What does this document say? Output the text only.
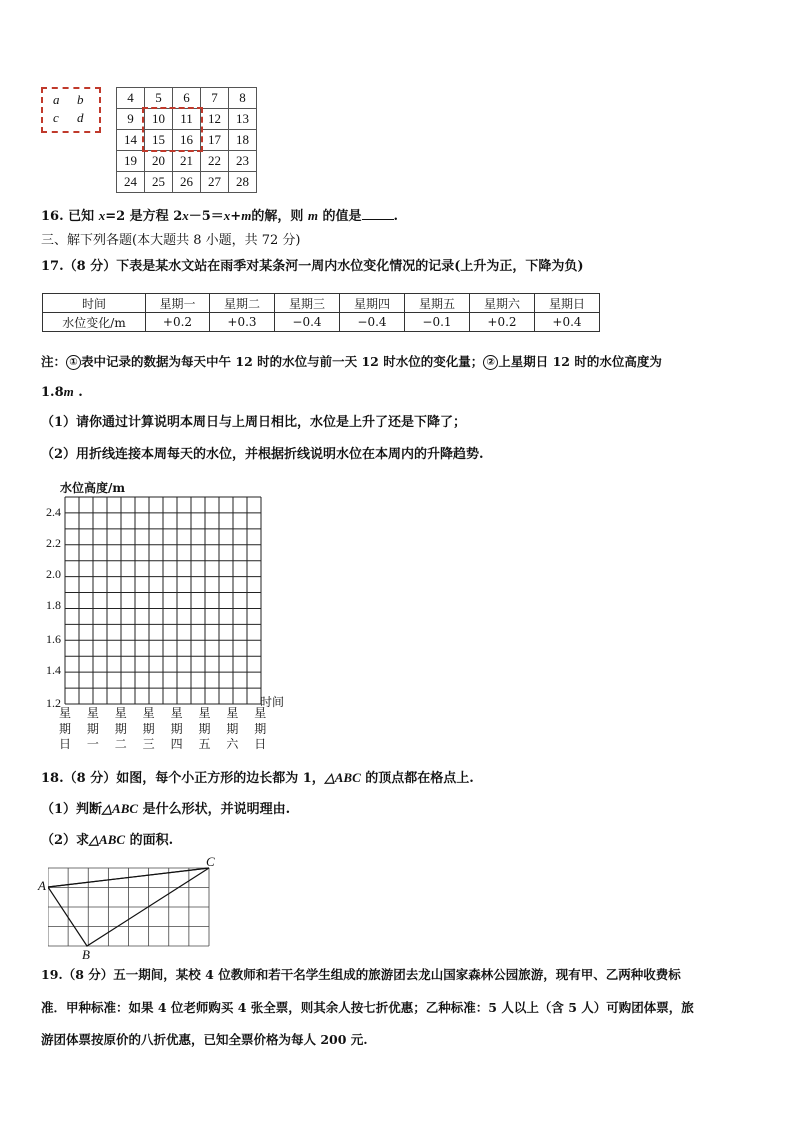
a b
c d
4	5	6	7	8
9	10	11	12	13
14	15	16	17	18
19	20	21	22	23
24	25	26	27	28
16. 已知 x=2 是方程 2x－5＝x+m的解，则 m 的值是 .
三、解下列各题(本大题共 8 小题，共 72 分)
17.（8 分）下表是某水文站在雨季对某条河一周内水位变化情况的记录(上升为正，下降为负)
时间	星期一	星期二	星期三	星期四	星期五	星期六	星期日
水位变化/m	+0.2	+0.3	−0.4	−0.4	−0.1	+0.2	+0.4
注： ① 表中记录的数据为每天中午 12 时的水位与前一天 12 时水位的变化量； ② 上星期日 12 时的水位高度为
1.8m .
（1）请你通过计算说明本周日与上周日相比，水位是上升了还是下降了；
（2）用折线连接本周每天的水位，并根据折线说明水位在本周内的升降趋势.
水位高度/m
2.4
2.2
2.0
1.8
1.6
1.4
1.2	时间
星
期
日
星
期
一
星
期
二
星
期
三
星
期
四
星
期
五
星
期
六
星
期
日
18.（8 分）如图，每个小正方形的边长都为 1，△ABC 的顶点都在格点上.
（1）判断△ABC 是什么形状，并说明理由.
（2）求△ABC 的面积.
A
B
C
19.（8 分）五一期间，某校 4 位教师和若干名学生组成的旅游团去龙山国家森林公园旅游，现有甲、乙两种收费标
准．甲种标准：如果 4 位老师购买 4 张全票，则其余人按七折优惠；乙种标准：5 人以上（含 5 人）可购团体票，旅
游团体票按原价的八折优惠，已知全票价格为每人 200 元.
